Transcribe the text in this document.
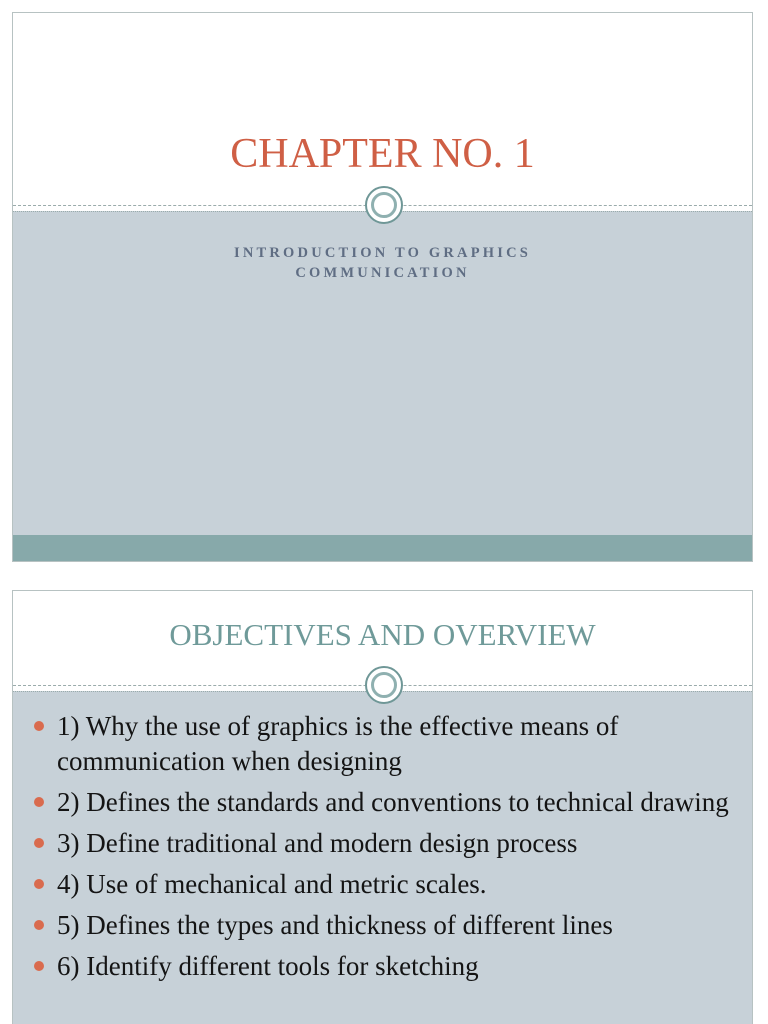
CHAPTER NO. 1
INTRODUCTION TO GRAPHICS
COMMUNICATION
OBJECTIVES AND OVERVIEW
1) Why the use of graphics is the effective means of communication when designing
2) Defines the standards and conventions to technical drawing
3) Define traditional and modern design process
4) Use of mechanical and metric scales.
5) Defines the types and thickness of different lines
6) Identify different tools for sketching
